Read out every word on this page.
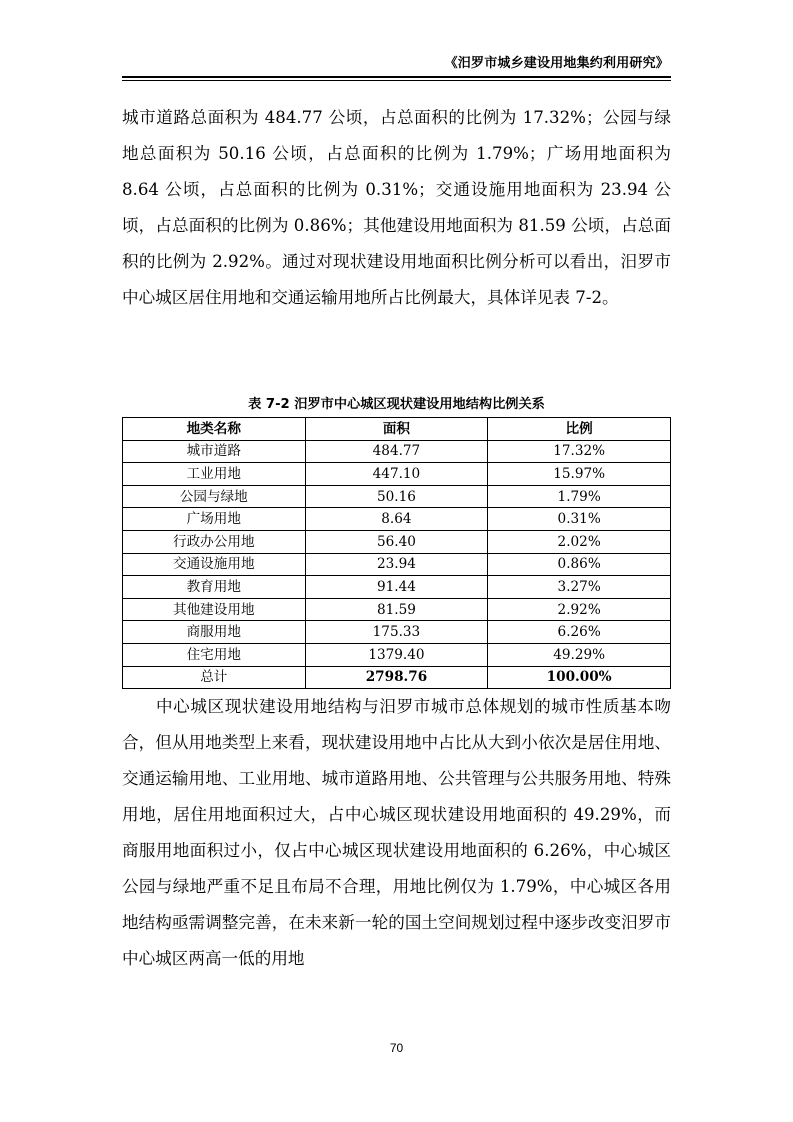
《汨罗市城乡建设用地集约利用研究》

城市道路总面积为 484.77 公顷，占总面积的比例为 17.32%；公园与绿地总面积为 50.16 公顷，占总面积的比例为 1.79%；广场用地面积为 8.64 公顷，占总面积的比例为 0.31%；交通设施用地面积为 23.94 公顷，占总面积的比例为 0.86%；其他建设用地面积为 81.59 公顷，占总面积的比例为 2.92%。通过对现状建设用地面积比例分析可以看出，汨罗市中心城区居住用地和交通运输用地所占比例最大，具体详见表 7-2。

表 7-2 汨罗市中心城区现状建设用地结构比例关系
地类名称	面积	比例
城市道路	484.77	17.32%
工业用地	447.10	15.97%
公园与绿地	50.16	1.79%
广场用地	8.64	0.31%
行政办公用地	56.40	2.02%
交通设施用地	23.94	0.86%
教育用地	91.44	3.27%
其他建设用地	81.59	2.92%
商服用地	175.33	6.26%
住宅用地	1379.40	49.29%
总计	2798.76	100.00%

中心城区现状建设用地结构与汨罗市城市总体规划的城市性质基本吻合，但从用地类型上来看，现状建设用地中占比从大到小依次是居住用地、交通运输用地、工业用地、城市道路用地、公共管理与公共服务用地、特殊用地，居住用地面积过大，占中心城区现状建设用地面积的 49.29%，而商服用地面积过小，仅占中心城区现状建设用地面积的 6.26%，中心城区公园与绿地严重不足且布局不合理，用地比例仅为 1.79%，中心城区各用地结构亟需调整完善，在未来新一轮的国土空间规划过程中逐步改变汨罗市中心城区两高一低的用地

70
